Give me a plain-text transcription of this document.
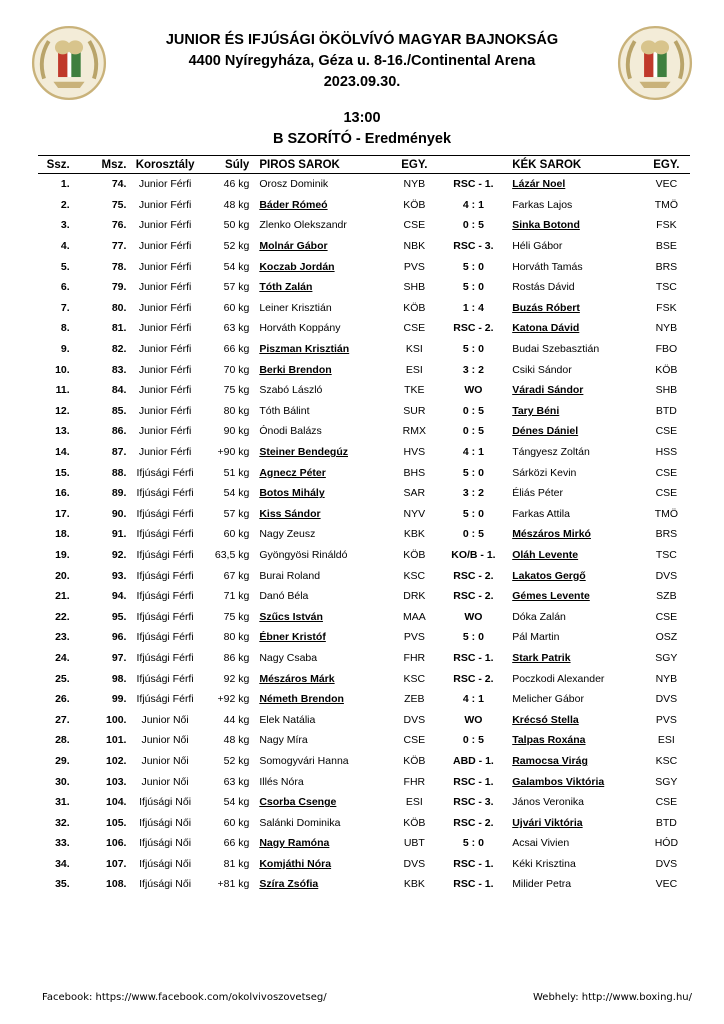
JUNIOR ÉS IFJÚSÁGI ÖKÖLVÍVÓ MAGYAR BAJNOKSÁG
4400 Nyíregyháza, Géza u. 8-16./Continental Arena
2023.09.30.
13:00
B SZORÍTÓ - Eredmények
Ssz.	Msz.	Korosztály	Súly	PIROS SAROK	EGY.		KÉK SAROK	EGY.
1.	74.	Junior Férfi	46 kg	Orosz Dominik	NYB	RSC - 1.	Lázár Noel	VEC
2.	75.	Junior Férfi	48 kg	Báder Rómeó	KÖB	4 : 1	Farkas Lajos	TMÖ
3.	76.	Junior Férfi	50 kg	Zlenko Olekszandr	CSE	0 : 5	Sinka Botond	FSK
4.	77.	Junior Férfi	52 kg	Molnár Gábor	NBK	RSC - 3.	Héli Gábor	BSE
5.	78.	Junior Férfi	54 kg	Koczab Jordán	PVS	5 : 0	Horváth Tamás	BRS
6.	79.	Junior Férfi	57 kg	Tóth Zalán	SHB	5 : 0	Rostás Dávid	TSC
7.	80.	Junior Férfi	60 kg	Leiner Krisztián	KÖB	1 : 4	Buzás Róbert	FSK
8.	81.	Junior Férfi	63 kg	Horváth Koppány	CSE	RSC - 2.	Katona Dávid	NYB
9.	82.	Junior Férfi	66 kg	Piszman Krisztián	KSI	5 : 0	Budai Szebasztián	FBO
10.	83.	Junior Férfi	70 kg	Berki Brendon	ESI	3 : 2	Csiki Sándor	KÖB
11.	84.	Junior Férfi	75 kg	Szabó László	TKE	WO	Váradi Sándor	SHB
12.	85.	Junior Férfi	80 kg	Tóth Bálint	SUR	0 : 5	Tary Béni	BTD
13.	86.	Junior Férfi	90 kg	Ónodi Balázs	RMX	0 : 5	Dénes Dániel	CSE
14.	87.	Junior Férfi	+90 kg	Steiner Bendegúz	HVS	4 : 1	Tángyesz Zoltán	HSS
15.	88.	Ifjúsági Férfi	51 kg	Agnecz Péter	BHS	5 : 0	Sárközi Kevin	CSE
16.	89.	Ifjúsági Férfi	54 kg	Botos Mihály	SAR	3 : 2	Éliás Péter	CSE
17.	90.	Ifjúsági Férfi	57 kg	Kiss Sándor	NYV	5 : 0	Farkas Attila	TMÖ
18.	91.	Ifjúsági Férfi	60 kg	Nagy Zeusz	KBK	0 : 5	Mészáros Mirkó	BRS
19.	92.	Ifjúsági Férfi	63,5 kg	Gyöngyösi Rináldó	KÖB	KO/B - 1.	Oláh Levente	TSC
20.	93.	Ifjúsági Férfi	67 kg	Burai Roland	KSC	RSC - 2.	Lakatos Gergő	DVS
21.	94.	Ifjúsági Férfi	71 kg	Danó Béla	DRK	RSC - 2.	Gémes Levente	SZB
22.	95.	Ifjúsági Férfi	75 kg	Szűcs István	MAA	WO	Dóka Zalán	CSE
23.	96.	Ifjúsági Férfi	80 kg	Ébner Kristóf	PVS	5 : 0	Pál Martin	OSZ
24.	97.	Ifjúsági Férfi	86 kg	Nagy Csaba	FHR	RSC - 1.	Stark Patrik	SGY
25.	98.	Ifjúsági Férfi	92 kg	Mészáros Márk	KSC	RSC - 2.	Poczkodi Alexander	NYB
26.	99.	Ifjúsági Férfi	+92 kg	Németh Brendon	ZEB	4 : 1	Melicher Gábor	DVS
27.	100.	Junior Női	44 kg	Elek Natália	DVS	WO	Krécsó Stella	PVS
28.	101.	Junior Női	48 kg	Nagy Míra	CSE	0 : 5	Talpas Roxána	ESI
29.	102.	Junior Női	52 kg	Somogyvári Hanna	KÖB	ABD - 1.	Ramocsa Virág	KSC
30.	103.	Junior Női	63 kg	Illés Nóra	FHR	RSC - 1.	Galambos Viktória	SGY
31.	104.	Ifjúsági Női	54 kg	Csorba Csenge	ESI	RSC - 3.	János Veronika	CSE
32.	105.	Ifjúsági Női	60 kg	Salánki Dominika	KÖB	RSC - 2.	Ujvári Viktória	BTD
33.	106.	Ifjúsági Női	66 kg	Nagy Ramóna	UBT	5 : 0	Acsai Vivien	HÓD
34.	107.	Ifjúsági Női	81 kg	Komjáthi Nóra	DVS	RSC - 1.	Kéki Krisztina	DVS
35.	108.	Ifjúsági Női	+81 kg	Szíra Zsófia	KBK	RSC - 1.	Milider Petra	VEC
Facebook: https://www.facebook.com/okolvivoszovetseg/	Webhely: http://www.boxing.hu/
